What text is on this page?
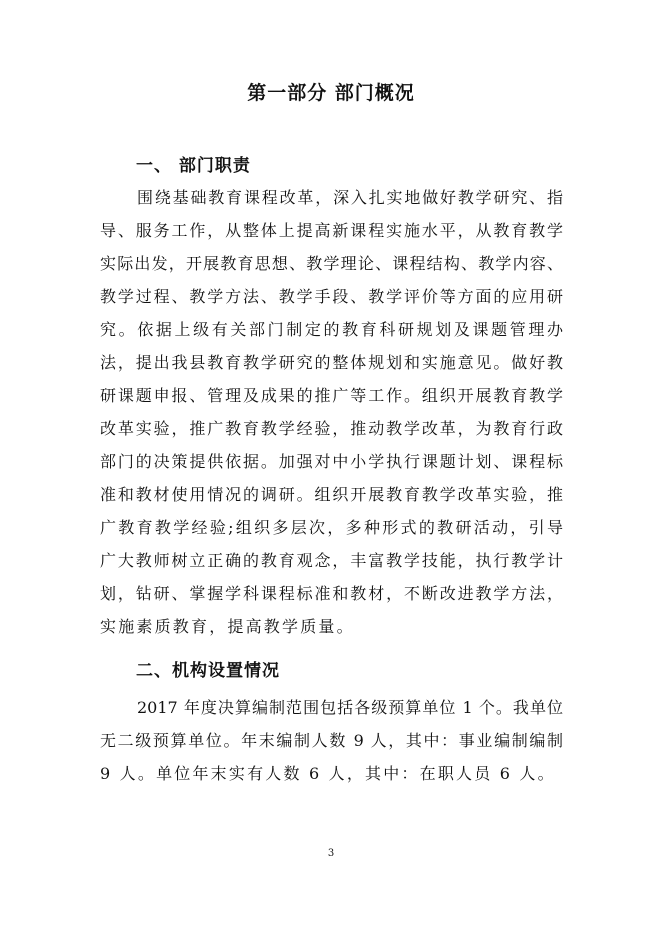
第一部分 部门概况
一、 部门职责
围绕基础教育课程改革，深入扎实地做好教学研究、指
导、服务工作，从整体上提高新课程实施水平，从教育教学
实际出发，开展教育思想、教学理论、课程结构、教学内容、
教学过程、教学方法、教学手段、教学评价等方面的应用研
究。依据上级有关部门制定的教育科研规划及课题管理办
法，提出我县教育教学研究的整体规划和实施意见。做好教
研课题申报、管理及成果的推广等工作。组织开展教育教学
改革实验，推广教育教学经验，推动教学改革，为教育行政
部门的决策提供依据。加强对中小学执行课题计划、课程标
准和教材使用情况的调研。组织开展教育教学改革实验，推
广教育教学经验;组织多层次，多种形式的教研活动，引导
广大教师树立正确的教育观念，丰富教学技能，执行教学计
划，钻研、掌握学科课程标准和教材，不断改进教学方法，
实施素质教育，提高教学质量。
二、机构设置情况
2017 年度决算编制范围包括各级预算单位 1 个。我单位
无二级预算单位。年末编制人数 9 人，其中：事业编制编制
9 人。单位年末实有人数 6 人，其中：在职人员 6 人。
3
